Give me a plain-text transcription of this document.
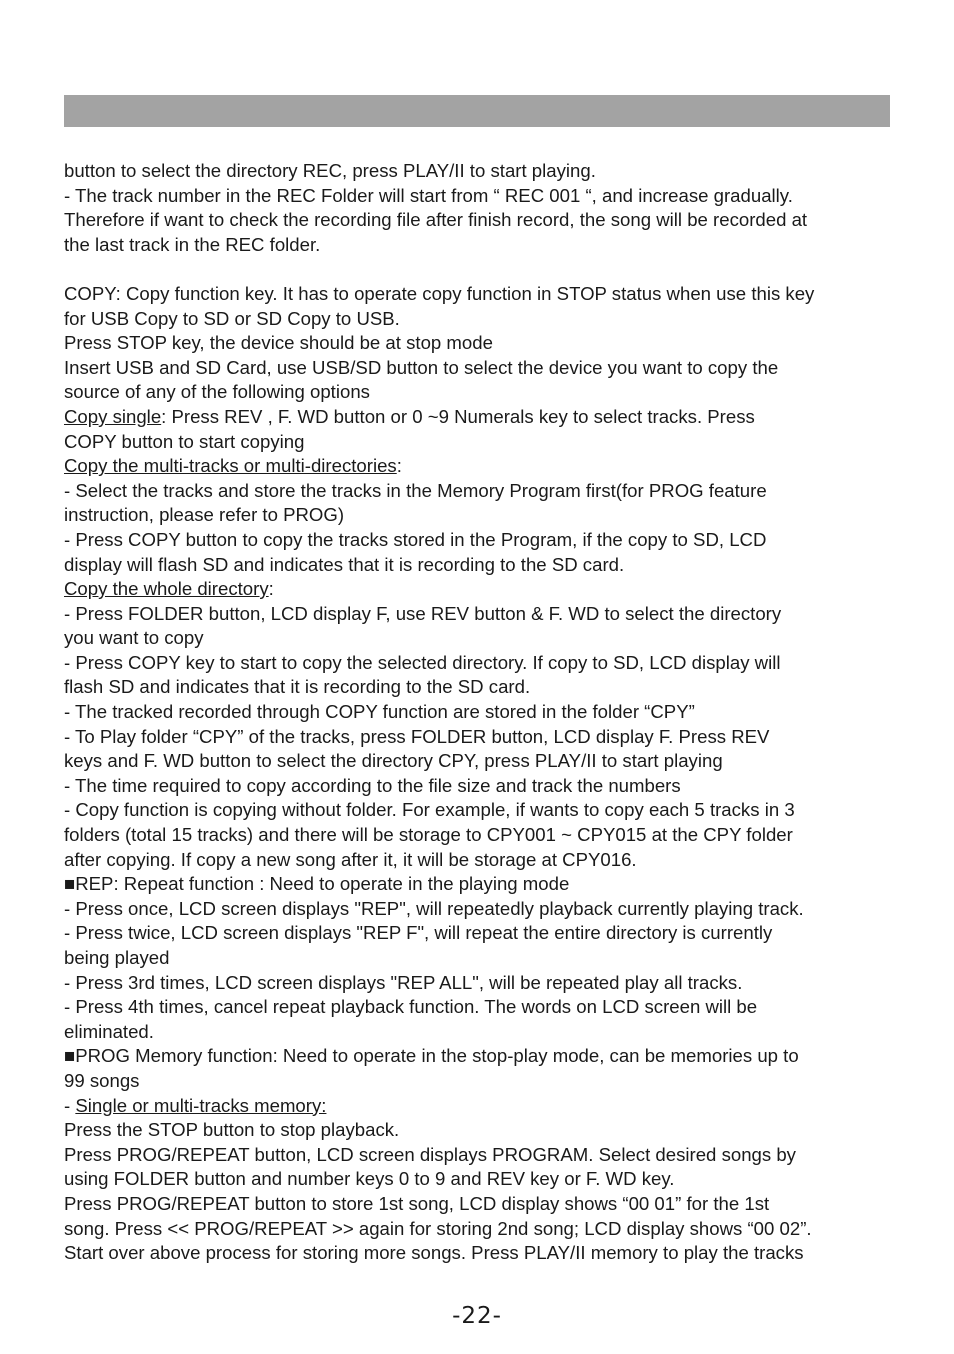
button to select the directory REC, press PLAY/II to start playing.

- The track number in the REC Folder will start from “ REC 001 “, and increase gradually.

Therefore if want to check the recording file after finish record, the song will be recorded at

the last track in the REC folder.

COPY: Copy function key. It has to operate copy function in STOP status when use this key

for USB Copy to SD or SD Copy to USB.

Press STOP key, the device should be at stop mode

Insert USB and SD Card, use USB/SD button to select the device you want to copy the

source of any of the following options

Copy single: Press REV , F. WD button or 0 ~9 Numerals key to select tracks. Press

COPY button to start copying

Copy the multi-tracks or multi-directories:

- Select the tracks and store the tracks in the Memory Program first(for PROG feature

instruction, please refer to PROG)

- Press COPY button to copy the tracks stored in the Program, if the copy to SD, LCD

display will flash SD and indicates that it is recording to the SD card.

Copy the whole directory:

- Press FOLDER button, LCD display F, use REV button & F. WD to select the directory

you want to copy

- Press COPY key to start to copy the selected directory. If copy to SD, LCD display will

flash SD and indicates that it is recording to the SD card.

- The tracked recorded through COPY function are stored in the folder “CPY”

- To Play folder “CPY” of the tracks, press FOLDER button, LCD display F. Press REV

keys and F. WD button to select the directory CPY, press PLAY/II to start playing

- The time required to copy according to the file size and track the numbers

- Copy function is copying without folder. For example, if wants to copy each 5 tracks in 3

folders (total 15 tracks) and there will be storage to CPY001 ~ CPY015 at the CPY folder

after copying. If copy a new song after it, it will be storage at CPY016.

■REP: Repeat function : Need to operate in the playing mode

- Press once, LCD screen displays "REP", will repeatedly playback currently playing track.

- Press twice, LCD screen displays "REP F", will repeat the entire directory is currently

being played

- Press 3rd times, LCD screen displays "REP ALL", will be repeated play all tracks.

- Press 4th times, cancel repeat playback function. The words on LCD screen will be

eliminated.

■PROG Memory function: Need to operate in the stop-play mode, can be memories up to

99 songs

- Single or multi-tracks memory:

Press the STOP button to stop playback.

Press PROG/REPEAT button, LCD screen displays PROGRAM. Select desired songs by

using FOLDER button and number keys 0 to 9 and REV key or F. WD key.

Press PROG/REPEAT button to store 1st song, LCD display shows “00 01” for the 1st

song. Press << PROG/REPEAT >> again for storing 2nd song; LCD display shows “00 02”.

Start over above process for storing more songs. Press PLAY/II memory to play the tracks

-22-
